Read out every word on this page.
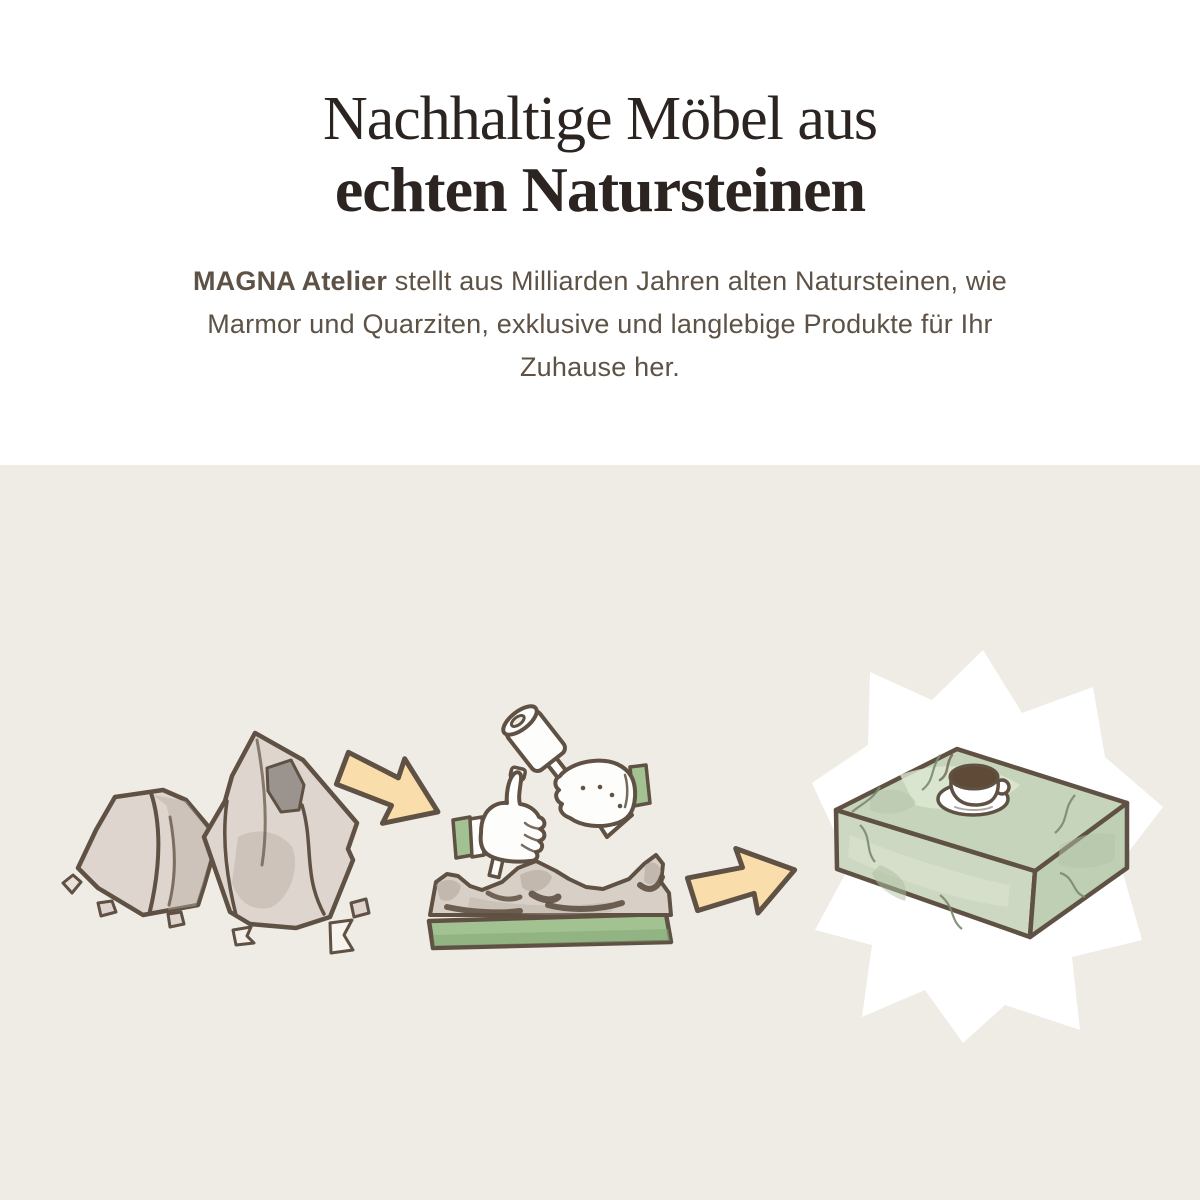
Nachhaltige Möbel aus
echten Natursteinen
MAGNA Atelier stellt aus Milliarden Jahren alten Natursteinen, wie
Marmor und Quarziten, exklusive und langlebige Produkte für Ihr
Zuhause her.
